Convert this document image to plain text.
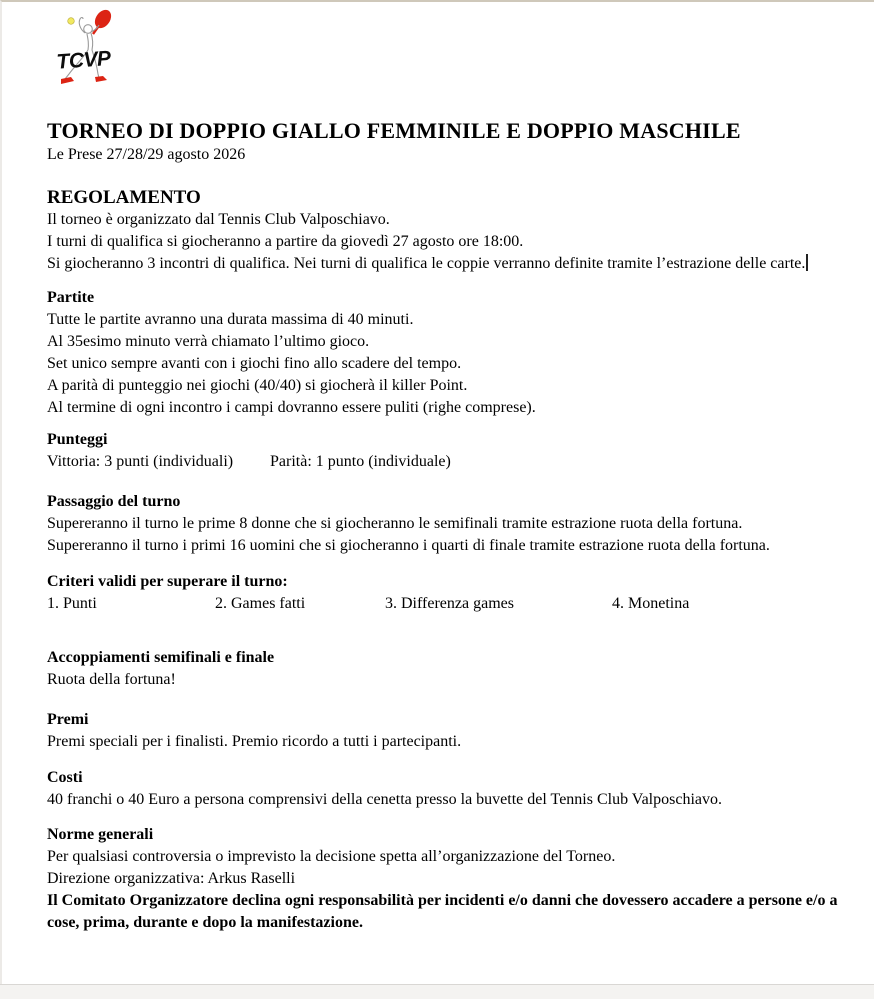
TCVP
TORNEO DI DOPPIO GIALLO FEMMINILE E DOPPIO MASCHILE
Le Prese 27/28/29 agosto 2026
REGOLAMENTO

Il torneo è organizzato dal Tennis Club Valposchiavo.

I turni di qualifica si giocheranno a partire da giovedì 27 agosto ore 18:00.

Si giocheranno 3 incontri di qualifica. Nei turni di qualifica le coppie verranno definite tramite l’estrazione delle carte.

Partite

Tutte le partite avranno una durata massima di 40 minuti.

Al 35esimo minuto verrà chiamato l’ultimo gioco.

Set unico sempre avanti con i giochi fino allo scadere del tempo.

A parità di punteggio nei giochi (40/40) si giocherà il killer Point.

Al termine di ogni incontro i campi dovranno essere puliti (righe comprese).

Punteggi

Vittoria: 3 punti (individuali) Parità: 1 punto (individuale)

Passaggio del turno

Supereranno il turno le prime 8 donne che si giocheranno le semifinali tramite estrazione ruota della fortuna.

Supereranno il turno i primi 16 uomini che si giocheranno i quarti di finale tramite estrazione ruota della fortuna.

Criteri validi per superare il turno:
1. Punti	2. Games fatti	3. Differenza games	4. Monetina
Accoppiamenti semifinali e finale

Ruota della fortuna!

Premi

Premi speciali per i finalisti. Premio ricordo a tutti i partecipanti.

Costi

40 franchi o 40 Euro a persona comprensivi della cenetta presso la buvette del Tennis Club Valposchiavo.

Norme generali

Per qualsiasi controversia o imprevisto la decisione spetta all’organizzazione del Torneo.

Direzione organizzativa: Arkus Raselli

Il Comitato Organizzatore declina ogni responsabilità per incidenti e/o danni che dovessero accadere a persone e/o a cose, prima, durante e dopo la manifestazione.
